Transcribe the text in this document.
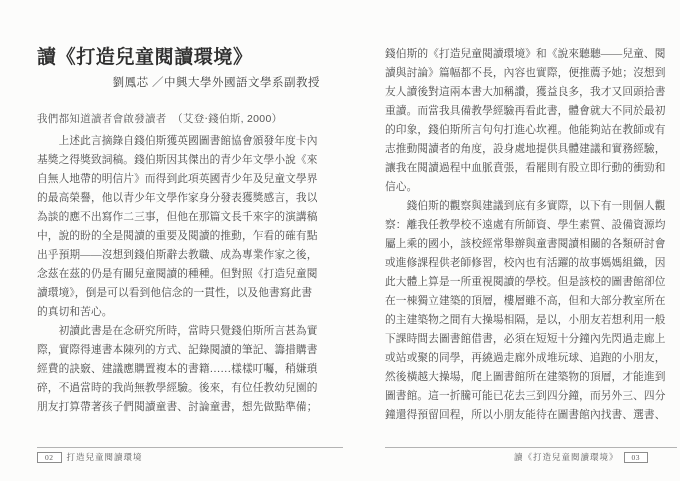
讀《打造兒童閱讀環境》
劉鳳芯 ／中興大學外國語文學系副教授
我們都知道讀者會啟發讀者　（艾登‧錢伯斯, 2000）
　　上述此言摘錄自錢伯斯獲英國圖書館協會頒發年度卡內
基獎之得獎致詞稿。錢伯斯因其傑出的青少年文學小說《來
自無人地帶的明信片》而得到此項英國青少年及兒童文學界
的最高榮譽，他以青少年文學作家身分發表獲獎感言，我以
為談的應不出寫作二三事，但他在那篇文長千來字的演講稿
中，說的盼的全是閱讀的重要及閱讀的推動，乍看的確有點
出乎預期——沒想到錢伯斯辭去教職、成為專業作家之後，
念茲在茲的仍是有關兒童閱讀的種種。但對照《打造兒童閱
讀環境》，倒是可以看到他信念的一貫性，以及他書寫此書
的真切和苦心。
　　初讀此書是在念研究所時，當時只覺錢伯斯所言甚為實
際，實際得連書本陳列的方式、記錄閱讀的筆記、籌措購書
經費的訣竅、建議應購置複本的書籍……樣樣叮囑，稍嫌瑣
碎，不過當時的我尚無教學經驗。後來，有位任教幼兒園的
朋友打算帶著孩子們閱讀童書、討論童書，想先做點準備；
02	打造兒童閱讀環境
錢伯斯的《打造兒童閱讀環境》和《說來聽聽——兒童、閱
讀與討論》篇幅都不長，內容也實際，便推薦予她；沒想到
友人讀後對這兩本書大加稱讚，獲益良多，我才又回頭拾書
重讀。而當我具備教學經驗再看此書，體會就大不同於最初
的印象，錢伯斯所言句句打進心坎裡。他能夠站在教師或有
志推動閱讀者的角度，設身處地提供具體建議和實務經驗，
讓我在閱讀過程中血脈賁張，看罷則有股立即行動的衝勁和
信心。
　　錢伯斯的觀察與建議到底有多實際，以下有一則個人觀
察：離我任教學校不遠處有所師資、學生素質、設備資源均
屬上乘的國小，該校經常舉辦與童書閱讀相關的各類研討會
或進修課程供老師修習，校內也有活躍的故事媽媽組織，因
此大體上算是一所重視閱讀的學校。但是該校的圖書館卻位
在一棟獨立建築的頂層，樓層雖不高，但和大部分教室所在
的主建築物之間有大操場相隔，是以，小朋友若想利用一般
下課時間去圖書館借書，必須在短短十分鐘內先閃過走廊上
或站或聚的同學，再繞過走廊外成堆玩球、追跑的小朋友，
然後橫越大操場，爬上圖書館所在建築物的頂層，才能進到
圖書館。這一折騰可能已花去三到四分鐘，而另外三、四分
鐘還得預留回程，所以小朋友能待在圖書館內找書、選書、
讀《打造兒童閱讀環境》	03
